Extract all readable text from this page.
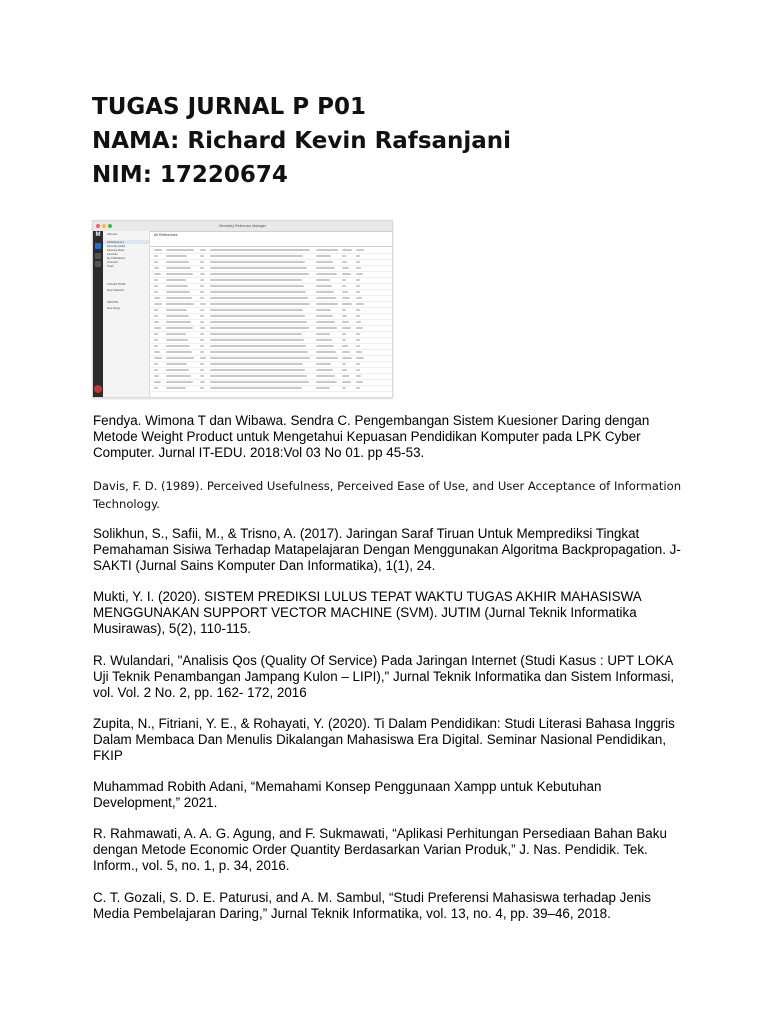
TUGAS JURNAL P P01
NAMA: Richard Kevin Rafsanjani
NIM: 17220674
Mendeley Reference Manager
M	Add new
All References
Recently Added
Recently Read
Favorites
My Publications
Unsorted
Trash
COLLECTIONS
New Collection
GROUPS
New Group
All References
Fendya. Wimona T dan Wibawa. Sendra C. Pengembangan Sistem Kuesioner Daring dengan Metode Weight Product untuk Mengetahui Kepuasan Pendidikan Komputer pada LPK Cyber Computer. Jurnal IT-EDU. 2018:Vol 03 No 01. pp 45-53.
Davis, F. D. (1989). Perceived Usefulness, Perceived Ease of Use, and User Acceptance of Information Technology.
Solikhun, S., Safii, M., & Trisno, A. (2017). Jaringan Saraf Tiruan Untuk Memprediksi Tingkat Pemahaman Sisiwa Terhadap Matapelajaran Dengan Menggunakan Algoritma Backpropagation. J-SAKTI (Jurnal Sains Komputer Dan Informatika), 1(1), 24.
Mukti, Y. I. (2020). SISTEM PREDIKSI LULUS TEPAT WAKTU TUGAS AKHIR MAHASISWA MENGGUNAKAN SUPPORT VECTOR MACHINE (SVM). JUTIM (Jurnal Teknik Informatika Musirawas), 5(2), 110-115.
R. Wulandari, "Analisis Qos (Quality Of Service) Pada Jaringan Internet (Studi Kasus : UPT LOKA Uji Teknik Penambangan Jampang Kulon – LIPI)," Jurnal Teknik Informatika dan Sistem Informasi, vol. Vol. 2 No. 2, pp. 162- 172, 2016
Zupita, N., Fitriani, Y. E., & Rohayati, Y. (2020). Ti Dalam Pendidikan: Studi Literasi Bahasa Inggris Dalam Membaca Dan Menulis Dikalangan Mahasiswa Era Digital. Seminar Nasional Pendidikan, FKIP
Muhammad Robith Adani, “Memahami Konsep Penggunaan Xampp untuk Kebutuhan Development,” 2021.
R. Rahmawati, A. A. G. Agung, and F. Sukmawati, “Aplikasi Perhitungan Persediaan Bahan Baku dengan Metode Economic Order Quantity Berdasarkan Varian Produk,” J. Nas. Pendidik. Tek. Inform., vol. 5, no. 1, p. 34, 2016.
C. T. Gozali, S. D. E. Paturusi, and A. M. Sambul, “Studi Preferensi Mahasiswa terhadap Jenis Media Pembelajaran Daring,” Jurnal Teknik Informatika, vol. 13, no. 4, pp. 39–46, 2018.
